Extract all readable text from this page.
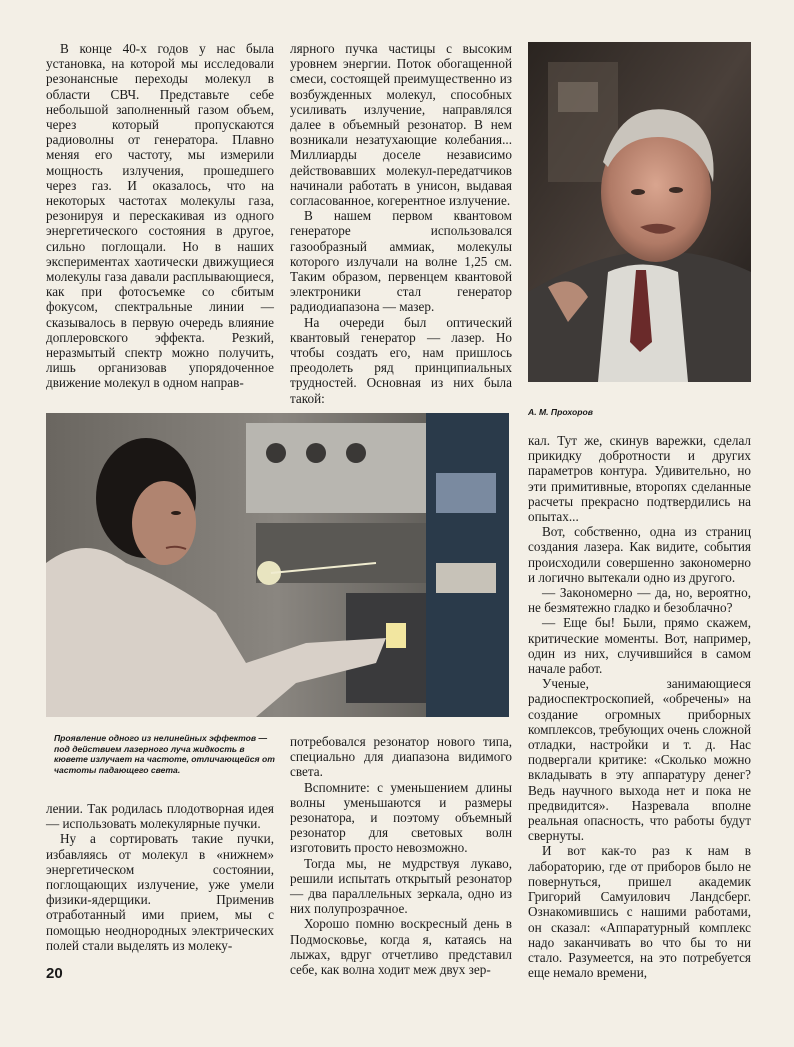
В конце 40-х годов у нас была установка, на которой мы исследовали резонансные переходы молекул в области СВЧ. Представьте себе небольшой заполненный газом объем, через который пропускаются радиоволны от генератора. Плавно меняя его частоту, мы измерили мощность излучения, прошедшего через газ. И оказалось, что на некоторых частотах молекулы газа, резонируя и перескакивая из одного энергетического состояния в другое, сильно поглощали. Но в наших экспериментах хаотически движущиеся молекулы газа давали расплывающиеся, как при фотосъемке со сбитым фокусом, спектральные линии — сказывалось в первую очередь влияние доплеровского эффекта. Резкий, неразмытый спектр можно получить, лишь организовав упорядоченное движение молекул в одном направ-

лярного пучка частицы с высоким уровнем энергии. Поток обогащенной смеси, состоящей преимущественно из возбужденных молекул, способных усиливать излучение, направлялся далее в объемный резонатор. В нем возникали незатухающие колебания... Миллиарды доселе независимо действовавших молекул-передатчиков начинали работать в унисон, выдавая согласованное, когерентное излучение.

В нашем первом квантовом генераторе использовался газообразный аммиак, молекулы которого излучали на волне 1,25 см. Таким образом, первенцем квантовой электроники стал генератор радиодиапазона — мазер.

На очереди был оптический квантовый генератор — лазер. Но чтобы создать его, нам пришлось преодолеть ряд принципиальных трудностей. Основная из них была такой:

А. М. Прохоров
Проявление одного из нелинейных эффектов — под действием лазерного луча жидкость в кювете излучает на частоте, отличающейся от частоты падающего света.

лении. Так родилась плодотворная идея — использовать молекулярные пучки.

Ну а сортировать такие пучки, избавляясь от молекул в «нижнем» энергетическом состоянии, поглощающих излучение, уже умели физики-ядерщики. Применив отработанный ими прием, мы с помощью неоднородных электрических полей стали выделять из молеку-

потребовался резонатор нового типа, специально для диапазона видимого света.

Вспомните: с уменьшением длины волны уменьшаются и размеры резонатора, и поэтому объемный резонатор для световых волн изготовить просто невозможно.

Тогда мы, не мудрствуя лукаво, решили испытать открытый резонатор — два параллельных зеркала, одно из них полупрозрачное.

Хорошо помню воскресный день в Подмосковье, когда я, катаясь на лыжах, вдруг отчетливо представил себе, как волна ходит меж двух зер-

кал. Тут же, скинув варежки, сделал прикидку добротности и других параметров контура. Удивительно, но эти примитивные, второпях сделанные расчеты прекрасно подтвердились на опытах...

Вот, собственно, одна из страниц создания лазера. Как видите, события происходили совершенно закономерно и логично вытекали одно из другого.

— Закономерно — да, но, вероятно, не безмятежно гладко и безоблачно?

— Еще бы! Были, прямо скажем, критические моменты. Вот, например, один из них, случившийся в самом начале работ.

Ученые, занимающиеся радиоспектроскопией, «обречены» на создание огромных приборных комплексов, требующих очень сложной отладки, настройки и т. д. Нас подвергали критике: «Сколько можно вкладывать в эту аппаратуру денег? Ведь научного выхода нет и пока не предвидится». Назревала вполне реальная опасность, что работы будут свернуты.

И вот как-то раз к нам в лабораторию, где от приборов было не повернуться, пришел академик Григорий Самуилович Ландсберг. Ознакомившись с нашими работами, он сказал: «Аппаратурный комплекс надо заканчивать во что бы то ни стало. Разумеется, на это потребуется еще немало времени,

20
